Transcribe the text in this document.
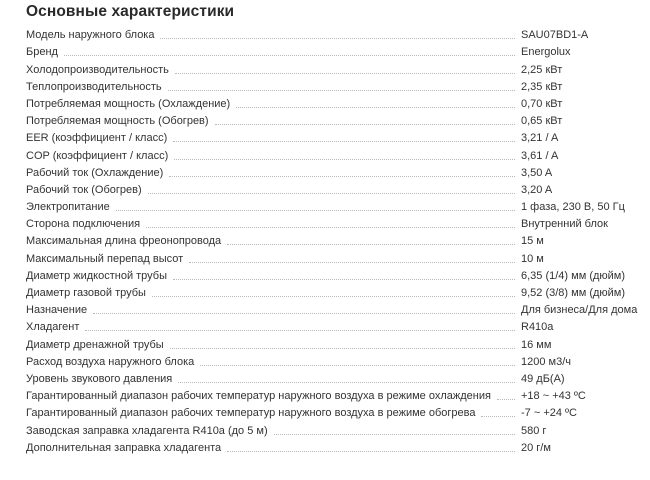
Основные характеристики
Модель наружного блока	SAU07BD1-A
Бренд	Energolux
Холодопроизводительность	2,25 кВт
Теплопроизводительность	2,35 кВт
Потребляемая мощность (Охлаждение)	0,70 кВт
Потребляемая мощность (Обогрев)	0,65 кВт
EER (коэффициент / класс)	3,21 / A
COP (коэффициент / класс)	3,61 / A
Рабочий ток (Охлаждение)	3,50 A
Рабочий ток (Обогрев)	3,20 A
Электропитание	1 фаза, 230 В, 50 Гц
Сторона подключения	Внутренний блок
Максимальная длина фреонопровода	15 м
Максимальный перепад высот	10 м
Диаметр жидкостной трубы	6,35 (1/4) мм (дюйм)
Диаметр газовой трубы	9,52 (3/8) мм (дюйм)
Назначение	Для бизнеса/Для дома
Хладагент	R410a
Диаметр дренажной трубы	16 мм
Расход воздуха наружного блока	1200 м3/ч
Уровень звукового давления	49 дБ(А)
Гарантированный диапазон рабочих температур наружного воздуха в режиме охлаждения	+18 ~ +43 ºС
Гарантированный диапазон рабочих температур наружного воздуха в режиме обогрева	-7 ~ +24 ºС
Заводская заправка хладагента R410a (до 5 м)	580 г
Дополнительная заправка хладагента	20 г/м
